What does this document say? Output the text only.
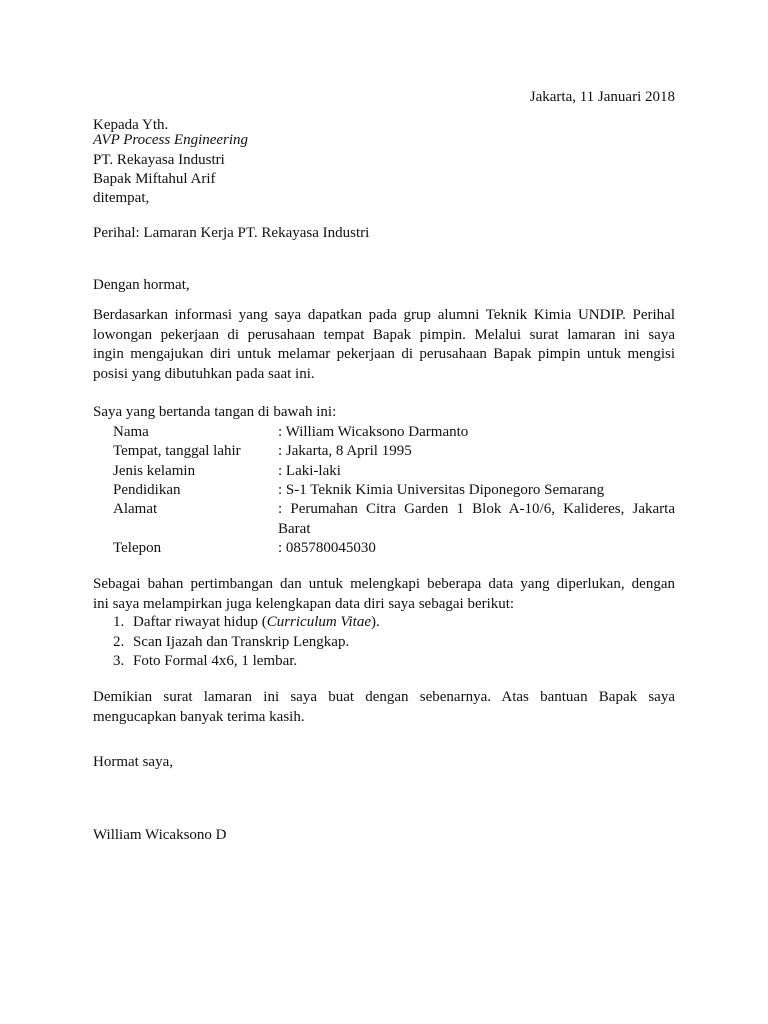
Jakarta, 11 Januari 2018
Kepada Yth.
AVP Process Engineering
PT. Rekayasa Industri
Bapak Miftahul Arif
ditempat,
Perihal: Lamaran Kerja PT. Rekayasa Industri
Dengan hormat,
Berdasarkan informasi yang saya dapatkan pada grup alumni Teknik Kimia UNDIP. Perihal
lowongan pekerjaan di perusahaan tempat Bapak pimpin. Melalui surat lamaran ini saya
ingin mengajukan diri untuk melamar pekerjaan di perusahaan Bapak pimpin untuk mengisi
posisi yang dibutuhkan pada saat ini.
Saya yang bertanda tangan di bawah ini:
Nama	: William Wicaksono Darmanto
Tempat, tanggal lahir : Jakarta, 8 April 1995
Jenis kelamin	: Laki-laki
Pendidikan	: S-1 Teknik Kimia Universitas Diponegoro Semarang
Alamat	: Perumahan Citra Garden 1 Blok A-10/6, Kalideres, Jakarta
Barat
Telepon	: 085780045030
Sebagai bahan pertimbangan dan untuk melengkapi beberapa data yang diperlukan, dengan
ini saya melampirkan juga kelengkapan data diri saya sebagai berikut:
1. Daftar riwayat hidup (Curriculum Vitae).
2. Scan Ijazah dan Transkrip Lengkap.
3. Foto Formal 4x6, 1 lembar.
Demikian surat lamaran ini saya buat dengan sebenarnya. Atas bantuan Bapak saya
mengucapkan banyak terima kasih.
Hormat saya,
William Wicaksono D
